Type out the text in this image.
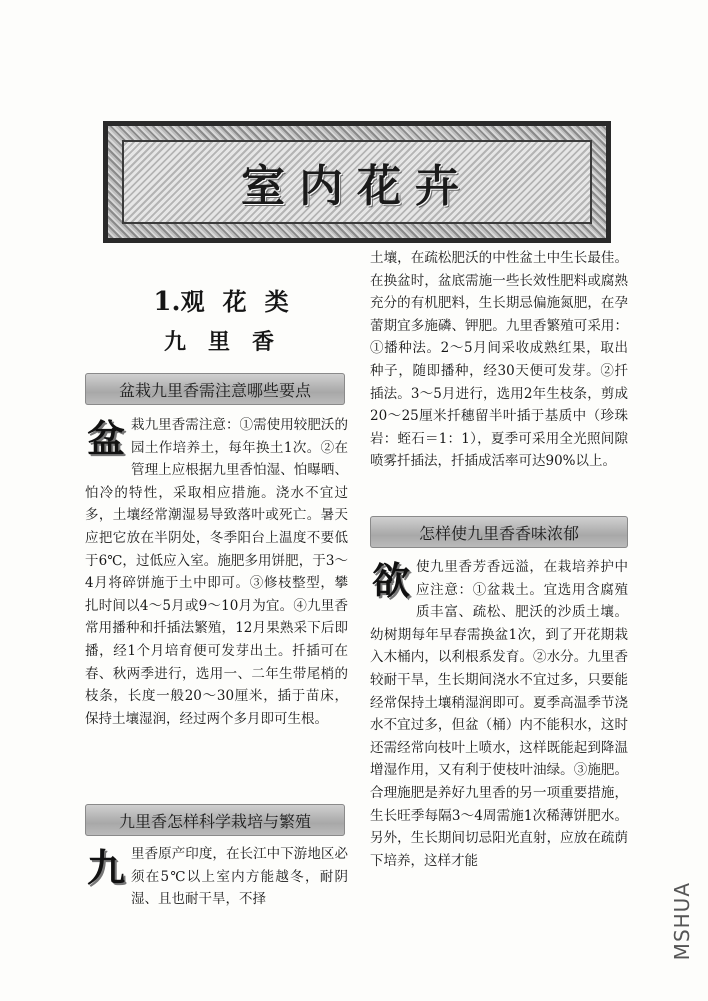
室内花卉
1.观花类
九里香
盆栽九里香需注意哪些要点

盆栽九里香需注意：①需使用较肥沃的园土作培养土，每年换土1次。②在管理上应根据九里香怕湿、怕曝晒、怕冷的特性，采取相应措施。浇水不宜过多，土壤经常潮湿易导致落叶或死亡。暑天应把它放在半阴处，冬季阳台上温度不要低于6℃，过低应入室。施肥多用饼肥，于3～4月将碎饼施于土中即可。③修枝整型，攀扎时间以4～5月或9～10月为宜。④九里香常用播种和扦插法繁殖，12月果熟采下后即播，经1个月培育便可发芽出土。扦插可在春、秋两季进行，选用一、二年生带尾梢的枝条，长度一般20～30厘米，插于苗床，保持土壤湿润，经过两个多月即可生根。

九里香怎样科学栽培与繁殖

九里香原产印度，在长江中下游地区必须在5℃以上室内方能越冬，耐阴湿、且也耐干旱，不择

土壤，在疏松肥沃的中性盆土中生长最佳。在换盆时，盆底需施一些长效性肥料或腐熟充分的有机肥料，生长期忌偏施氮肥，在孕蕾期宜多施磷、钾肥。九里香繁殖可采用：①播种法。2～5月间采收成熟红果，取出种子，随即播种，经30天便可发芽。②扦插法。3～5月进行，选用2年生枝条，剪成20～25厘米扦穗留半叶插于基质中（珍珠岩：蛭石＝1：1），夏季可采用全光照间隙喷雾扦插法，扦插成活率可达90%以上。

怎样使九里香香味浓郁

欲使九里香芳香远溢，在栽培养护中应注意：①盆栽土。宜选用含腐殖质丰富、疏松、肥沃的沙质土壤。幼树期每年早春需换盆1次，到了开花期栽入木桶内，以利根系发育。②水分。九里香较耐干旱，生长期间浇水不宜过多，只要能经常保持土壤稍湿润即可。夏季高温季节浇水不宜过多，但盆（桶）内不能积水，这时还需经常向枝叶上喷水，这样既能起到降温增湿作用，又有利于使枝叶油绿。③施肥。合理施肥是养好九里香的另一项重要措施，生长旺季每隔3～4周需施1次稀薄饼肥水。另外，生长期间切忌阳光直射，应放在疏荫下培养，这样才能

MSHUA
